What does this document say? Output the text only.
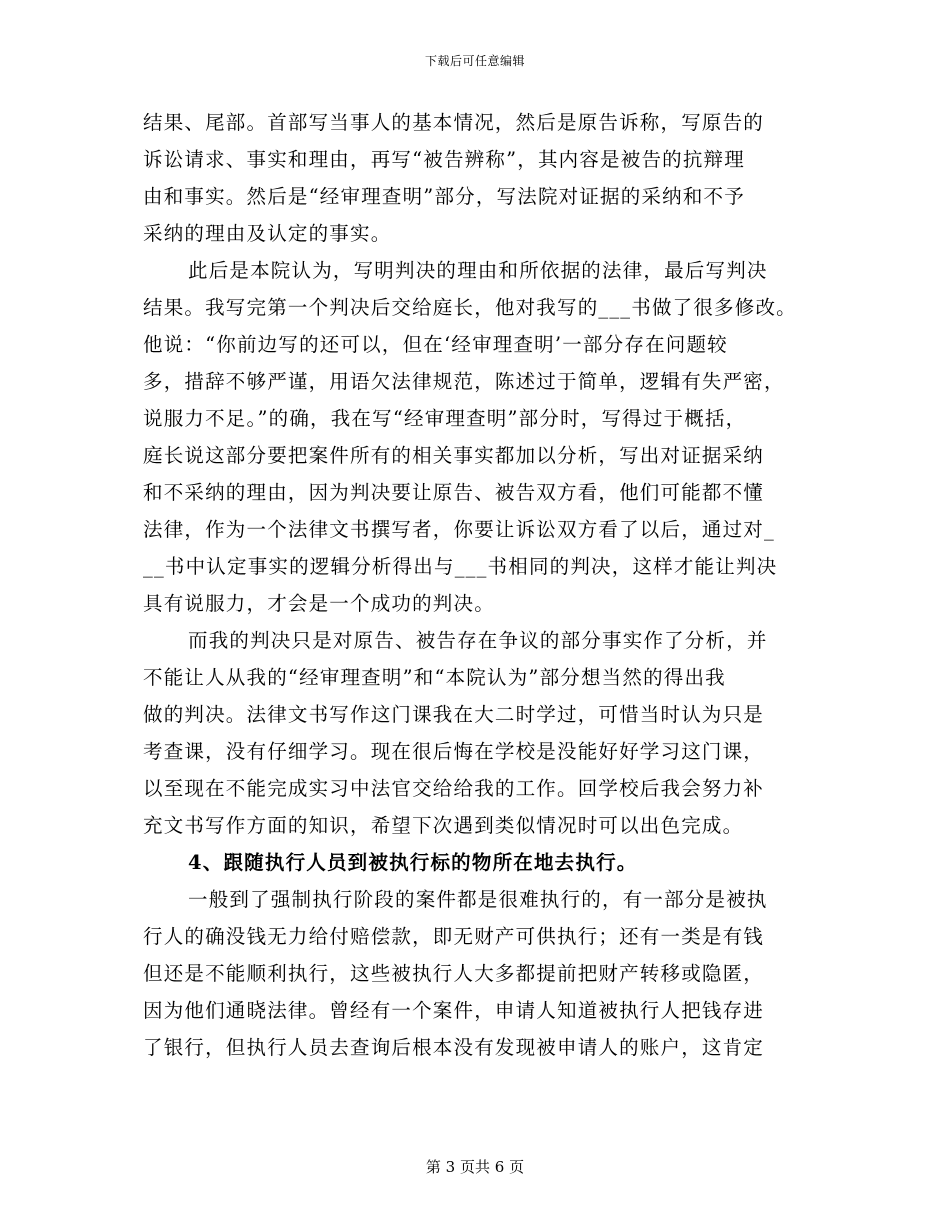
下载后可任意编辑
结果、尾部。首部写当事人的基本情况，然后是原告诉称，写原告的
诉讼请求、事实和理由，再写“被告辨称”，其内容是被告的抗辩理
由和事实。然后是“经审理查明”部分，写法院对证据的采纳和不予
采纳的理由及认定的事实。
此后是本院认为，写明判决的理由和所依据的法律，最后写判决
结果。我写完第一个判决后交给庭长，他对我写的___书做了很多修改。
他说：“你前边写的还可以，但在‘经审理查明’一部分存在问题较
多，措辞不够严谨，用语欠法律规范，陈述过于简单，逻辑有失严密，
说服力不足。”的确，我在写“经审理查明”部分时，写得过于概括，
庭长说这部分要把案件所有的相关事实都加以分析，写出对证据采纳
和不采纳的理由，因为判决要让原告、被告双方看，他们可能都不懂
法律，作为一个法律文书撰写者，你要让诉讼双方看了以后，通过对_
__书中认定事实的逻辑分析得出与___书相同的判决，这样才能让判决
具有说服力，才会是一个成功的判决。
而我的判决只是对原告、被告存在争议的部分事实作了分析，并
不能让人从我的“经审理查明”和“本院认为”部分想当然的得出我
做的判决。法律文书写作这门课我在大二时学过，可惜当时认为只是
考查课，没有仔细学习。现在很后悔在学校是没能好好学习这门课，
以至现在不能完成实习中法官交给给我的工作。回学校后我会努力补
充文书写作方面的知识，希望下次遇到类似情况时可以出色完成。
4、跟随执行人员到被执行标的物所在地去执行。
一般到了强制执行阶段的案件都是很难执行的，有一部分是被执
行人的确没钱无力给付赔偿款，即无财产可供执行；还有一类是有钱
但还是不能顺利执行，这些被执行人大多都提前把财产转移或隐匿，
因为他们通晓法律。曾经有一个案件，申请人知道被执行人把钱存进
了银行，但执行人员去查询后根本没有发现被申请人的账户，这肯定
第 3 页共 6 页
